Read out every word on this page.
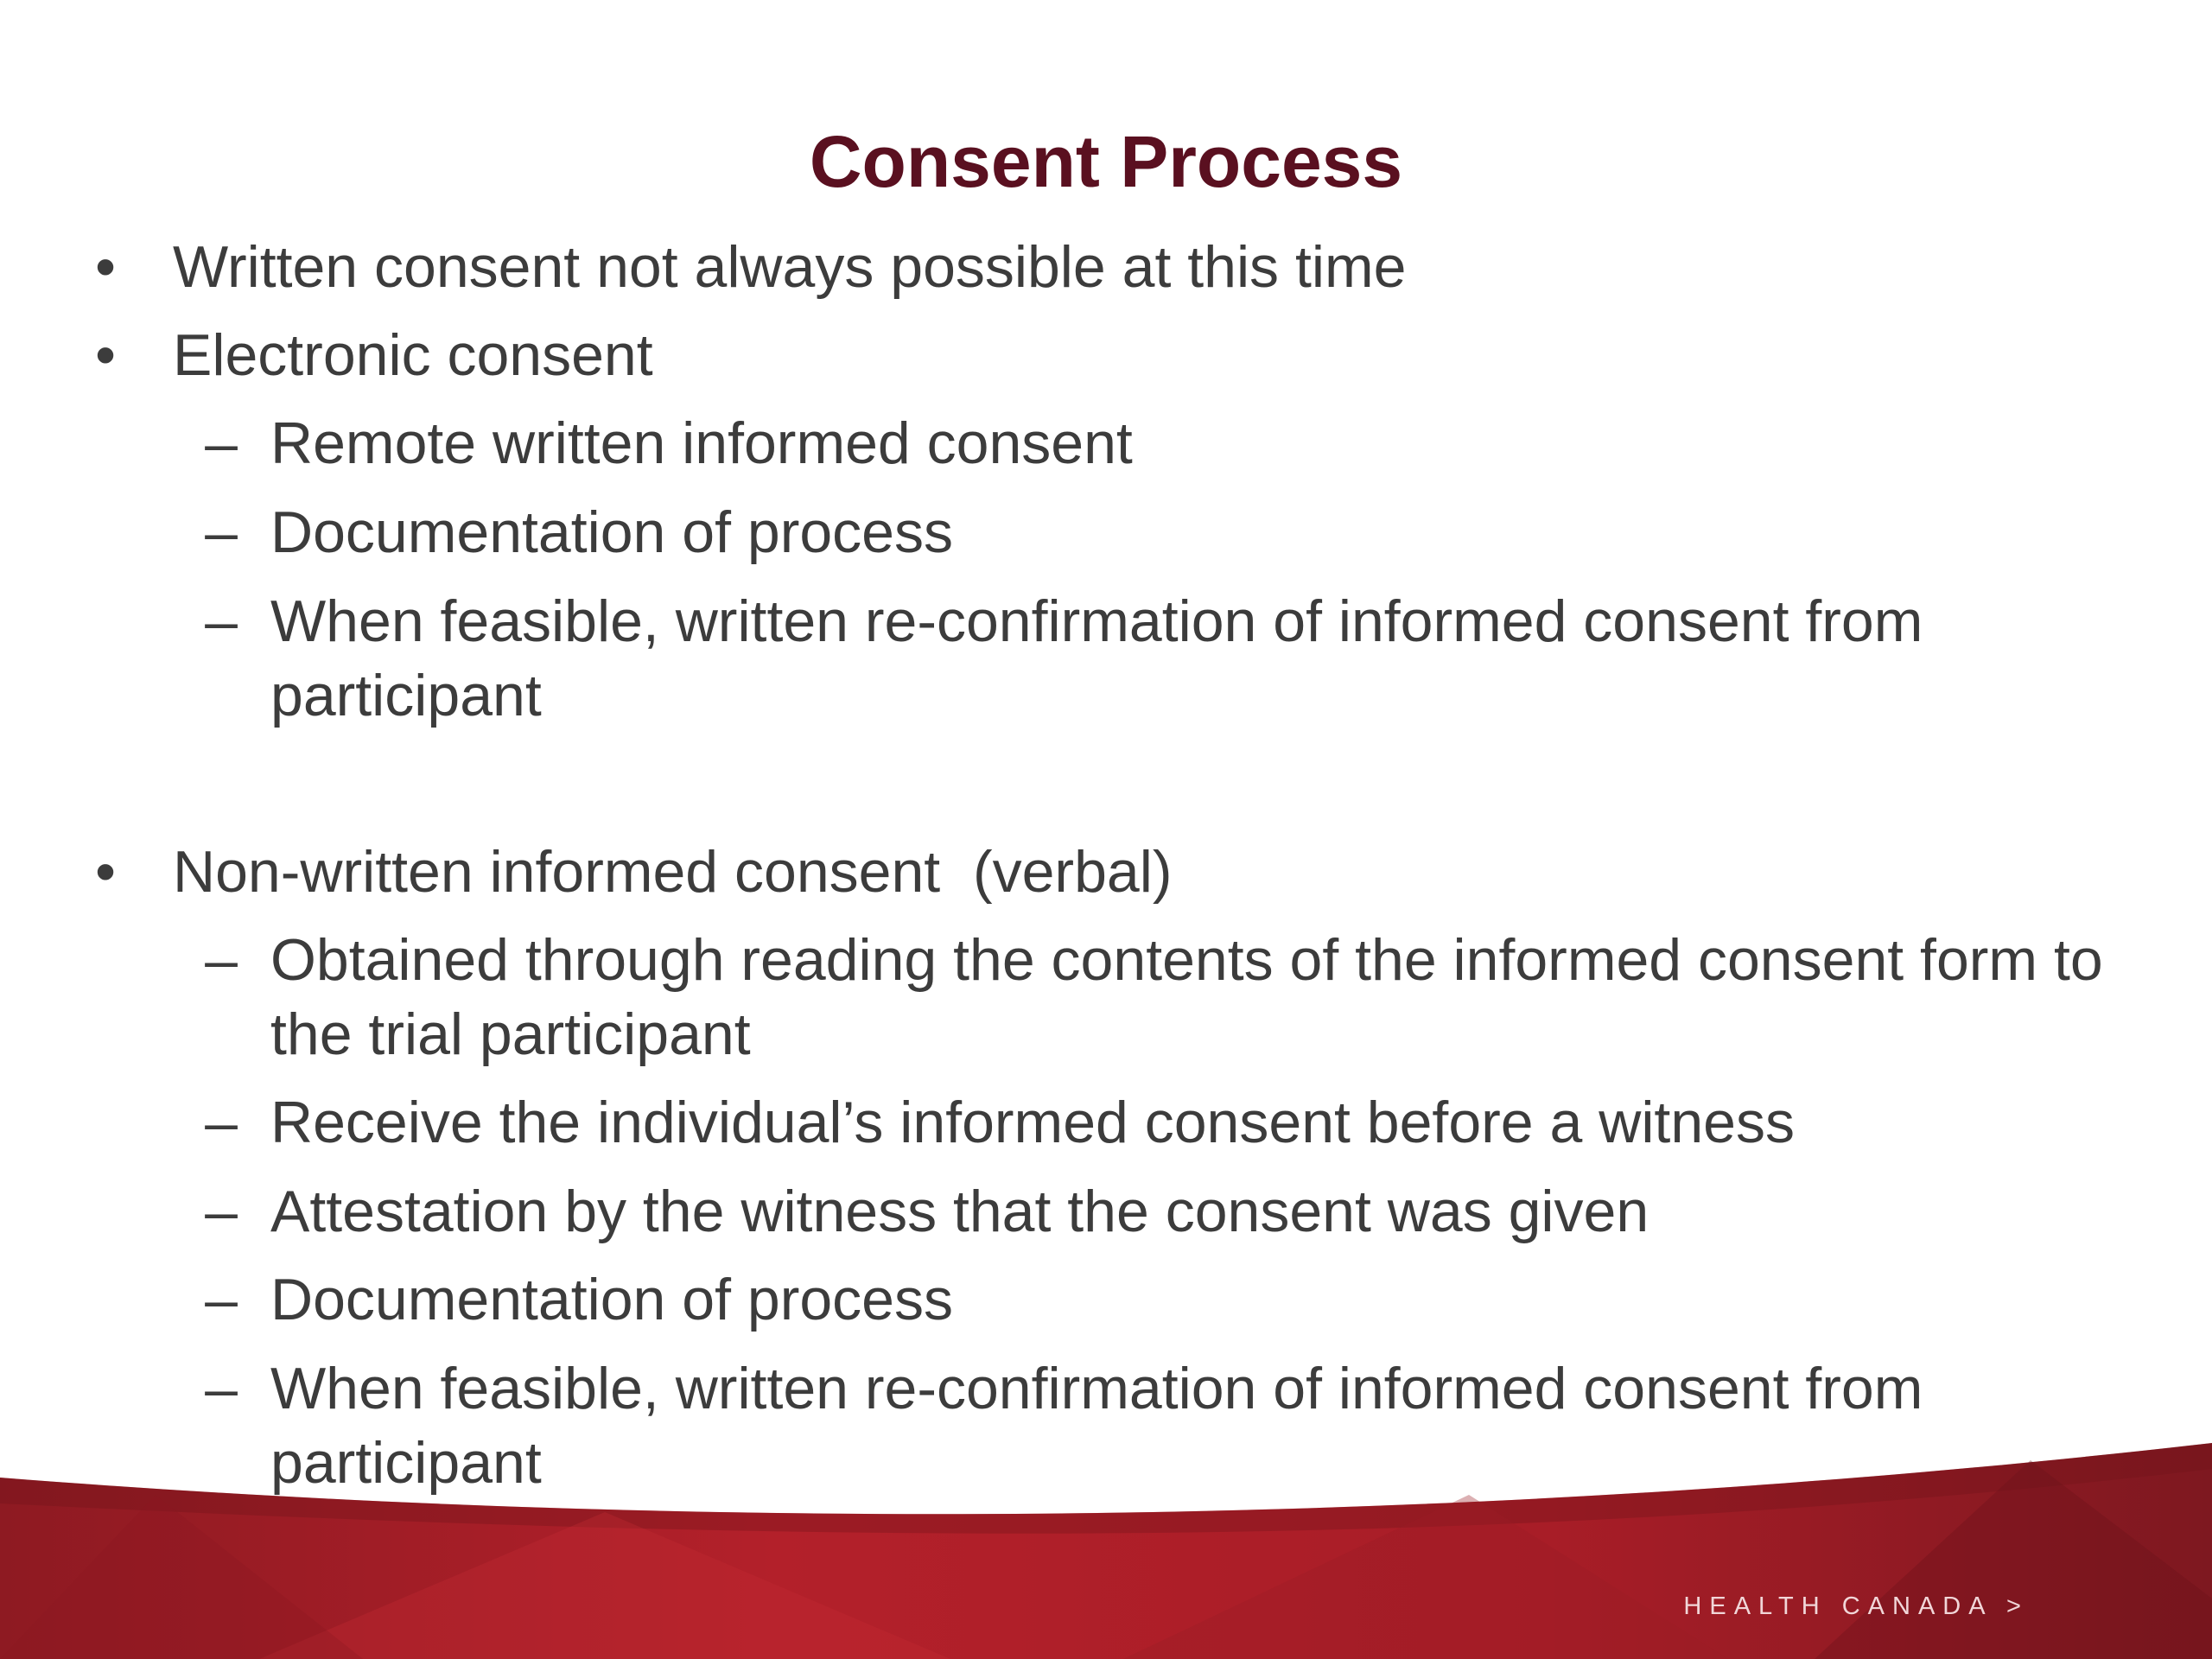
Consent Process
• Written consent not always possible at this time
• Electronic consent
– Remote written informed consent
– Documentation of process
– When feasible, written re-confirmation of informed consent from participant
• Non-written informed consent  (verbal)
– Obtained through reading the contents of the informed consent form to the trial participant
– Receive the individual’s informed consent before a witness
– Attestation by the witness that the consent was given
– Documentation of process
– When feasible, written re-confirmation of informed consent from participant
HEALTH CANADA >
